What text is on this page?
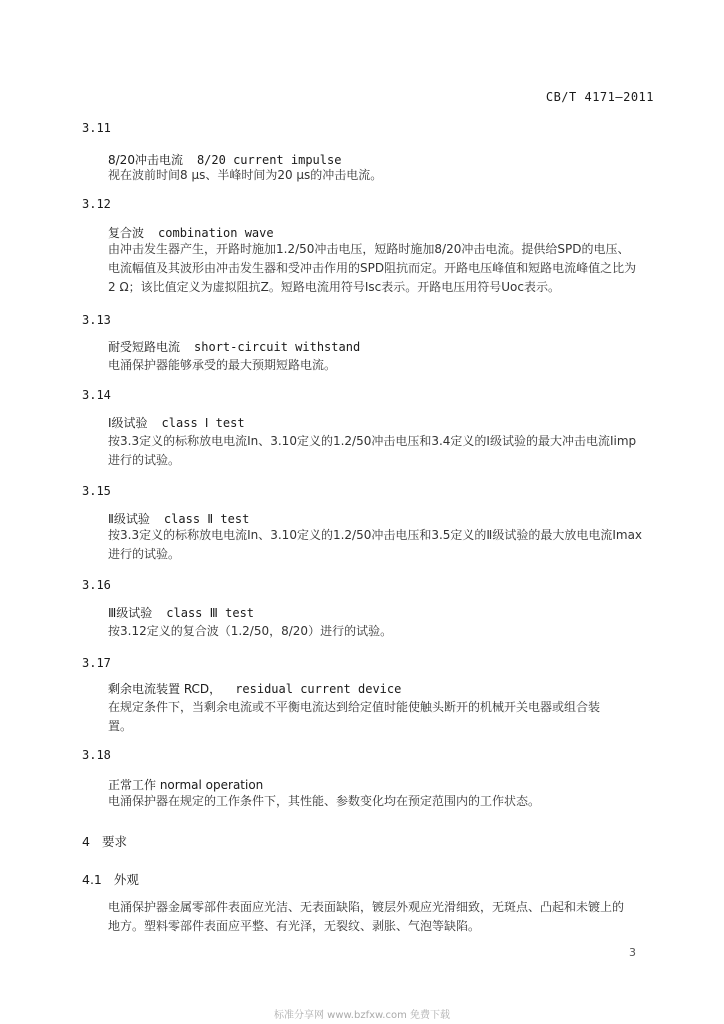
CB/T 4171—2011
3.11
8/20冲击电流 8/20 current impulse
视在波前时间8 μs、半峰时间为20 μs的冲击电流。
3.12
复合波 combination wave
由冲击发生器产生，开路时施加1.2/50冲击电压，短路时施加8/20冲击电流。提供给SPD的电压、
电流幅值及其波形由冲击发生器和受冲击作用的SPD阻抗而定。开路电压峰值和短路电流峰值之比为
2 Ω；该比值定义为虚拟阻抗Z。短路电流用符号Isc表示。开路电压用符号Uoc表示。
3.13
耐受短路电流 short-circuit withstand
电涌保护器能够承受的最大预期短路电流。
3.14
Ⅰ级试验 class Ⅰ test
按3.3定义的标称放电电流In、3.10定义的1.2/50冲击电压和3.4定义的Ⅰ级试验的最大冲击电流Iimp
进行的试验。
3.15
Ⅱ级试验 class Ⅱ test
按3.3定义的标称放电电流In、3.10定义的1.2/50冲击电压和3.5定义的Ⅱ级试验的最大放电电流Imax
进行的试验。
3.16
Ⅲ级试验 class Ⅲ test
按3.12定义的复合波（1.2/50，8/20）进行的试验。
3.17
剩余电流装置 RCD， residual current device
在规定条件下，当剩余电流或不平衡电流达到给定值时能使触头断开的机械开关电器或组合装
置。
3.18
正常工作 normal operation
电涌保护器在规定的工作条件下，其性能、参数变化均在预定范围内的工作状态。
4 要求
4.1 外观
电涌保护器金属零部件表面应光洁、无表面缺陷，镀层外观应光滑细致，无斑点、凸起和未镀上的
地方。塑料零部件表面应平整、有光泽，无裂纹、剥胀、气泡等缺陷。
3
标准分享网 www.bzfxw.com 免费下载
